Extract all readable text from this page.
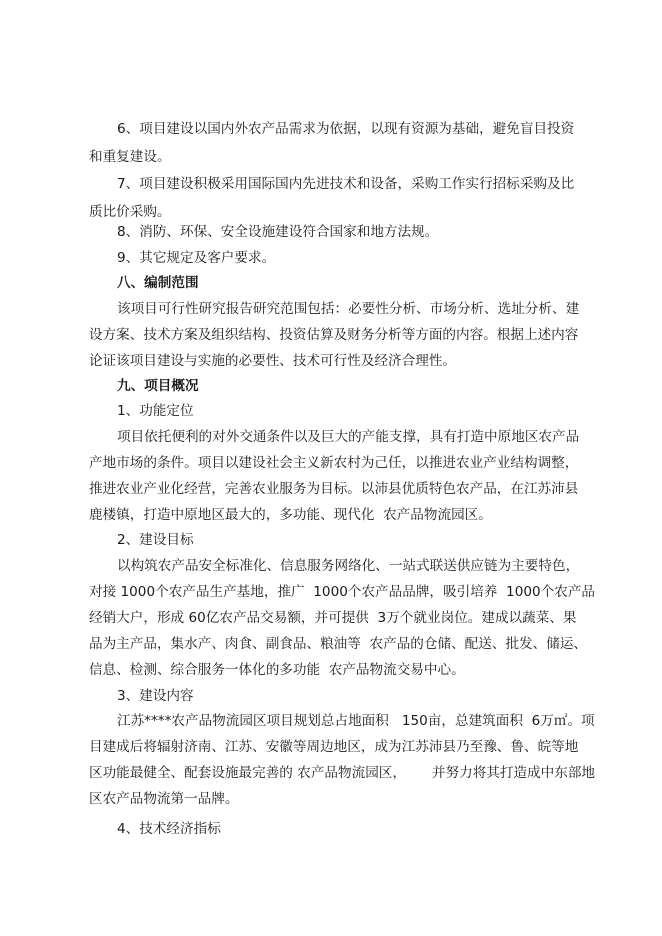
6、项目建设以国内外农产品需求为依据，以现有资源为基础，避免盲目投资
和重复建设。
7、项目建设积极采用国际国内先进技术和设备，采购工作实行招标采购及比
质比价采购。
8、消防、环保、安全设施建设符合国家和地方法规。
9、其它规定及客户要求。
八、编制范围
该项目可行性研究报告研究范围包括：必要性分析、市场分析、选址分析、建
设方案、技术方案及组织结构、投资估算及财务分析等方面的内容。根据上述内容
论证该项目建设与实施的必要性、技术可行性及经济合理性。
九、项目概况
1、功能定位
项目依托便利的对外交通条件以及巨大的产能支撑，具有打造中原地区农产品
产地市场的条件。项目以建设社会主义新农村为己任，以推进农业产业结构调整，
推进农业产业化经营，完善农业服务为目标。以沛县优质特色农产品，在江苏沛县
鹿楼镇，打造中原地区最大的，多功能、现代化  农产品物流园区。
2、建设目标
以构筑农产品安全标准化、信息服务网络化、一站式联送供应链为主要特色，
对接 1000个农产品生产基地，推广  1000个农产品品牌，吸引培养  1000个农产品
经销大户，形成 60亿农产品交易额，并可提供  3万个就业岗位。建成以蔬菜、果
品为主产品，集水产、肉食、副食品、粮油等  农产品的仓储、配送、批发、储运、
信息、检测、综合服务一体化的多功能  农产品物流交易中心。
3、建设内容
江苏****农产品物流园区项目规划总占地面积   150亩，总建筑面积  6万㎡。项
目建成后将辐射济南、江苏、安徽等周边地区，成为江苏沛县乃至豫、鲁、皖等地
区功能最健全、配套设施最完善的 农产品物流园区，      并努力将其打造成中东部地
区农产品物流第一品牌。
4、技术经济指标
